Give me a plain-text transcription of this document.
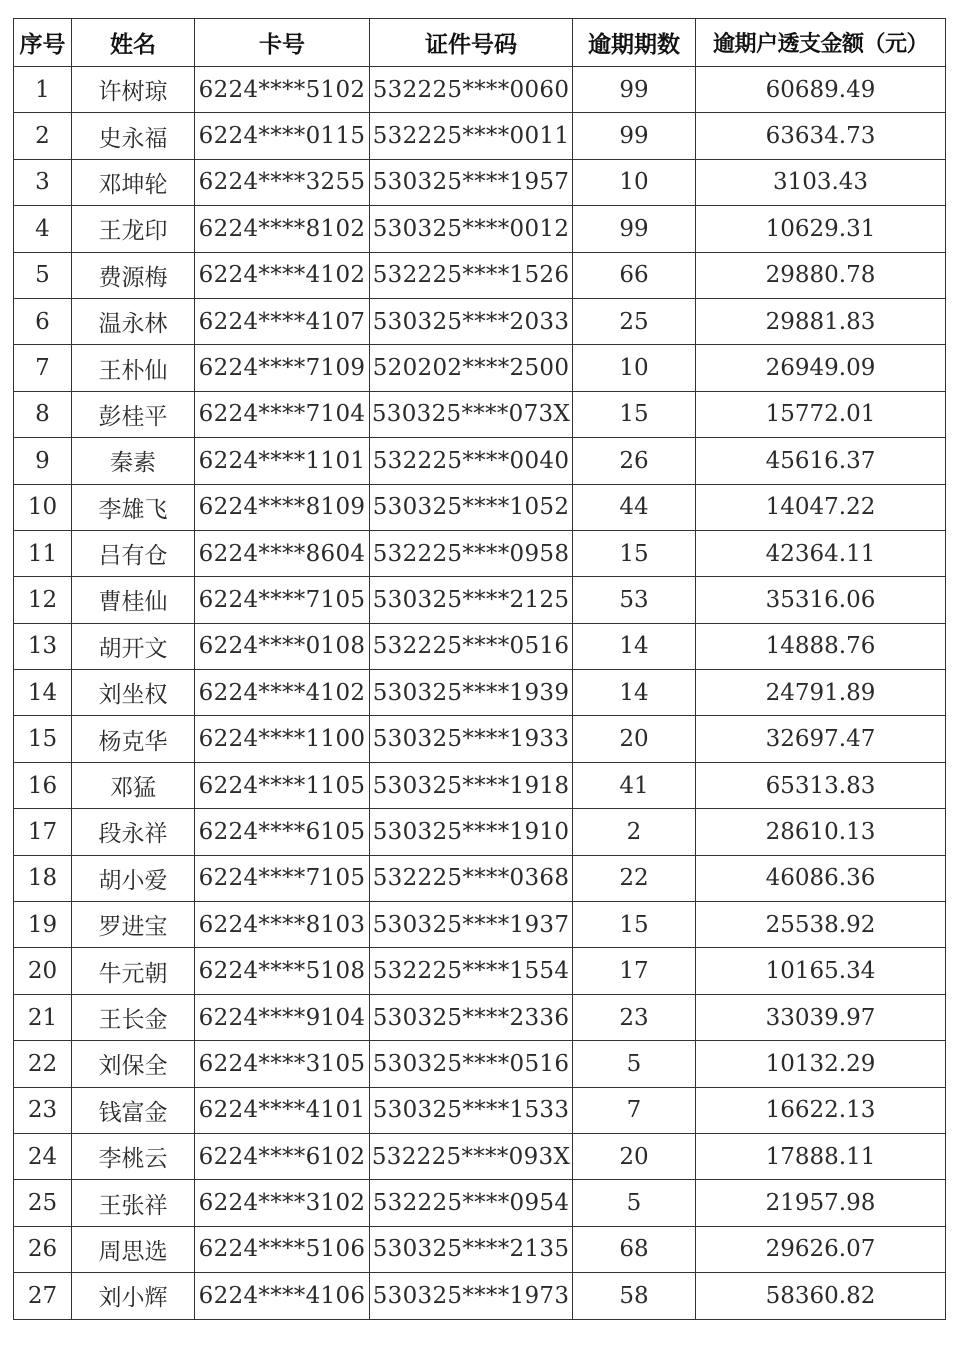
序号	姓名	卡号	证件号码	逾期期数	逾期户透支金额（元）
1	许树琼	6224****5102	532225****0060	99	60689.49
2	史永福	6224****0115	532225****0011	99	63634.73
3	邓坤轮	6224****3255	530325****1957	10	3103.43
4	王龙印	6224****8102	530325****0012	99	10629.31
5	费源梅	6224****4102	532225****1526	66	29880.78
6	温永林	6224****4107	530325****2033	25	29881.83
7	王朴仙	6224****7109	520202****2500	10	26949.09
8	彭桂平	6224****7104	530325****073X	15	15772.01
9	秦素	6224****1101	532225****0040	26	45616.37
10	李雄飞	6224****8109	530325****1052	44	14047.22
11	吕有仓	6224****8604	532225****0958	15	42364.11
12	曹桂仙	6224****7105	530325****2125	53	35316.06
13	胡开文	6224****0108	532225****0516	14	14888.76
14	刘坐权	6224****4102	530325****1939	14	24791.89
15	杨克华	6224****1100	530325****1933	20	32697.47
16	邓猛	6224****1105	530325****1918	41	65313.83
17	段永祥	6224****6105	530325****1910	2	28610.13
18	胡小爱	6224****7105	532225****0368	22	46086.36
19	罗进宝	6224****8103	530325****1937	15	25538.92
20	牛元朝	6224****5108	532225****1554	17	10165.34
21	王长金	6224****9104	530325****2336	23	33039.97
22	刘保全	6224****3105	530325****0516	5	10132.29
23	钱富金	6224****4101	530325****1533	7	16622.13
24	李桃云	6224****6102	532225****093X	20	17888.11
25	王张祥	6224****3102	532225****0954	5	21957.98
26	周思选	6224****5106	530325****2135	68	29626.07
27	刘小辉	6224****4106	530325****1973	58	58360.82
